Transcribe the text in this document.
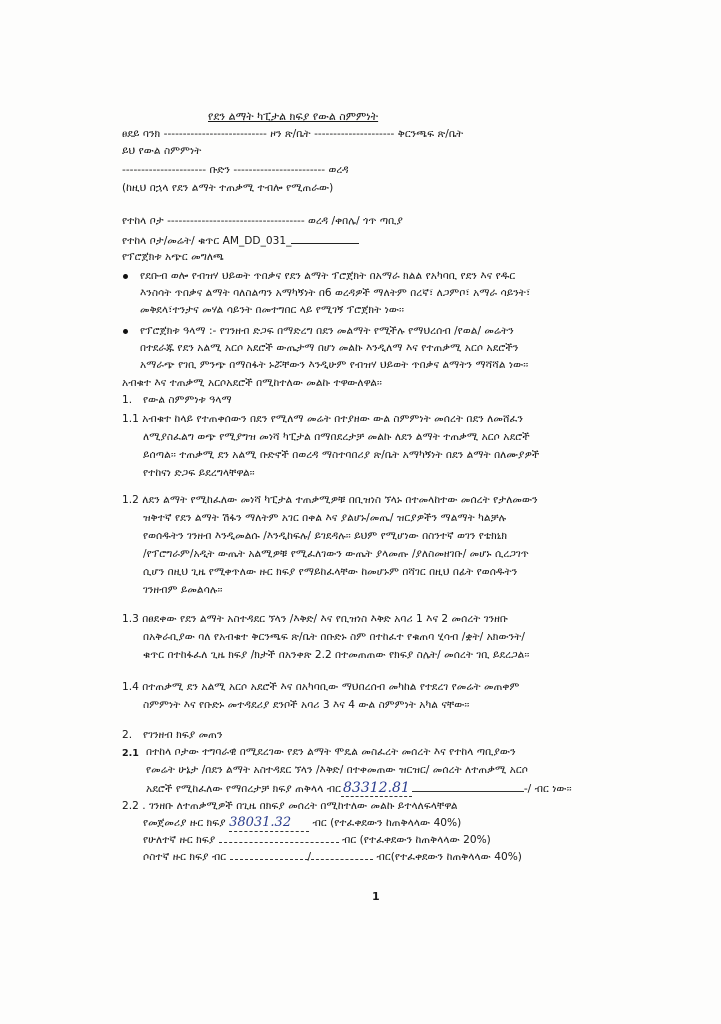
የደን ልማት ካፒታል ክፍያ የውል ስምምነት
ፀደይ ባንክ --------------------------- ዞን ጽ/ቤት --------------------- ቅርንጫፍ ጽ/ቤት
ይህ የውል ስምምነት
---------------------- ቡድን ------------------------ ወረዳ
(ከዚህ በኋላ የደን ልማት ተጠቃሚ ተብሎ የሚጠራው)
የተከላ ቦታ ------------------------------------ ወረዳ /ቀበሌ/ ጎጥ ጣቢያ
የተከላ ቦታ/መሬት/ ቁጥር AM_DD_031_
የፕሮጀክቱ አጭር መግለጫ
የደቡብ ወሎ የብዝሃ ህይወት ጥበቃና የደን ልማት ፕሮጀክት በአማራ ክልል የአካባቢ የደን እና የዱር
እንስሳት ጥበቃና ልማት ባለስልጣን አማካኝነት በ6 ወረዳዎች ማለትም በረኛ፣ ለጋምቦ፣ አማራ ሳይንት፣
መቅደላ፣ተንታና መሃል ሳይንት በመተግበር ላይ የሚገኝ ፕሮጀክት ነው፡፡
የፕሮጀክቱ ዓላማ :- የገንዘብ ድጋፍ በማድረግ በደን መልማት የሚችሉ የማህረሰብ /የወል/ መሬትን
በተደራጁ የደን አልሚ አርሶ አደሮች ውጤታማ በሆነ መልኩ እንዲለማ እና የተጠቃሚ አርሶ አደሮችን
አማራጭ የገቢ ምንጭ በማስፋት ኑሯቸውን እንዲሁም የብዝሃ ህይወት ጥበቃና ልማትን ማሻሻል ነው፡፡
አብቁተ እና ተጠቃሚ አርሶአደሮች በሚከተለው መልኩ ተዋውለዋል፡፡
1. የውል ስምምነቱ ዓላማ
1.1 አብቁተ ከላይ የተጠቀሰውን በደን የሚለማ መሬት በተያዘው ውል ስምምነት መሰረት በደን ለመሸፈን
ለሚያስፈልግ ወጭ የሚያግዝ መነሻ ካፒታል በማበደረታቻ መልኩ ለደን ልማት ተጠቃሚ አርሶ አደሮች
ይሰጣል፡፡ ተጠቃሚ ደን አልሚ ቡድኖች በወረዳ ማስተባበሪያ ጽ/ቤት አማካኝነት በደን ልማት በለሙያዎች
የተከናነ ድጋፍ ይደረግላቸዋል፡፡
1.2 ለደን ልማት የሚከፈለው መነሻ ካፒታል ተጠቃሚዎቹ በቢዝነስ ኘላኑ በተመላከተው መሰረት የታለመውን
ዝቅተኛ የደን ልማት ሽፋን ማለትም አገር በቀል እና ያልሆኑ/መጤ/ ዝርያዎችን ማልማት ካልቻሉ
የወሰዱትን ገንዘብ እንዲመልሱ /እንዲከፍሉ/ ይገደዳሉ፡፡ ይህም የሚሆነው በስንተኛ ወገን የቴክኒክ
/የፕሮግራም/አዲት ውጤት አልሚዎቹ የሚፈለገውን ውጤት ያላመጡ /ያለስመዘገቡ/ መሆኑ ሲረጋገጥ
ሲሆን በዚህ ጊዜ የሚቀጥለው ዙር ክፍያ የማይከፈላቸው ከመሆኑም በሻገር በዚህ በፊት የወሰዱትን
ገንዘብም ይመልሳሉ፡፡
1.3 በፀደቀው የደን ልማት አስተዳደር ኘላን /እቅድ/ እና የቢዝነስ እቅድ አባሪ 1 እና 2 መሰረት ገንዘቡ
በአቅራቢያው ባለ የአብቁተ ቅርንጫፍ ጽ/ቤት በቡድኑ ስም በተከፈተ የቁጠባ ሂሳብ /ቋት/ አክውንት/
ቁጥር በተከፋፈለ ጊዜ ክፍያ /ክታች በአንቀጽ 2.2 በተመጠጠው የክፍያ ስሌት/ መሰረት ገቢ ይደረጋል፡፡
1.4 በተጠቃሚ ደን አልሚ አርሶ አደሮች እና በአካባቢው ማህበረሰብ መካከል የተደረገ የመሬት መጠቀም
ስምምነት እና የቡድኑ መተዳደሪያ ደንቦች አባሪ 3 እና 4 ውል ስምምነት አካል ናቸው፡፡
2. የገንዘብ ክፍያ መጠን
2.1 በተከላ ቦታው ተግባራዊ በሚደረገው የደን ልማት ሞዴል መስፈረት መሰረት እና የተከላ ጣቢያውን
የመሬት ሁኔታ /በደን ልማት አስተዳደር ኘላን /እቅድ/ በተቀመጠው ዝርዝር/ መሰረት ለተጠቃሚ አርሶ
አደሮች የሚከፈለው የማበረታቻ ክፍያ ጠቅላላ ብር 83312.81	-/ ብር ነው፡፡
2.2 . ገንዘቡ ለተጠቃሚዎች በጊዜ በክፍያ መሰረት በሚከተለው መልኩ ይተላለፍላቸዋል
የመጀመሪያ ዙር ክፍያ 38031.32 ብር (የተፈቀደውን ከጠቅላላው 40%)
የሁለተኛ ዙር ክፍያ	ብር (የተፈቀደውን ከጠቅላላው 20%)
ሶስተኛ ዙር ክፍያ ብር	/	ብር(የተፈቀደውን ከጠቅላላው 40%)
1
